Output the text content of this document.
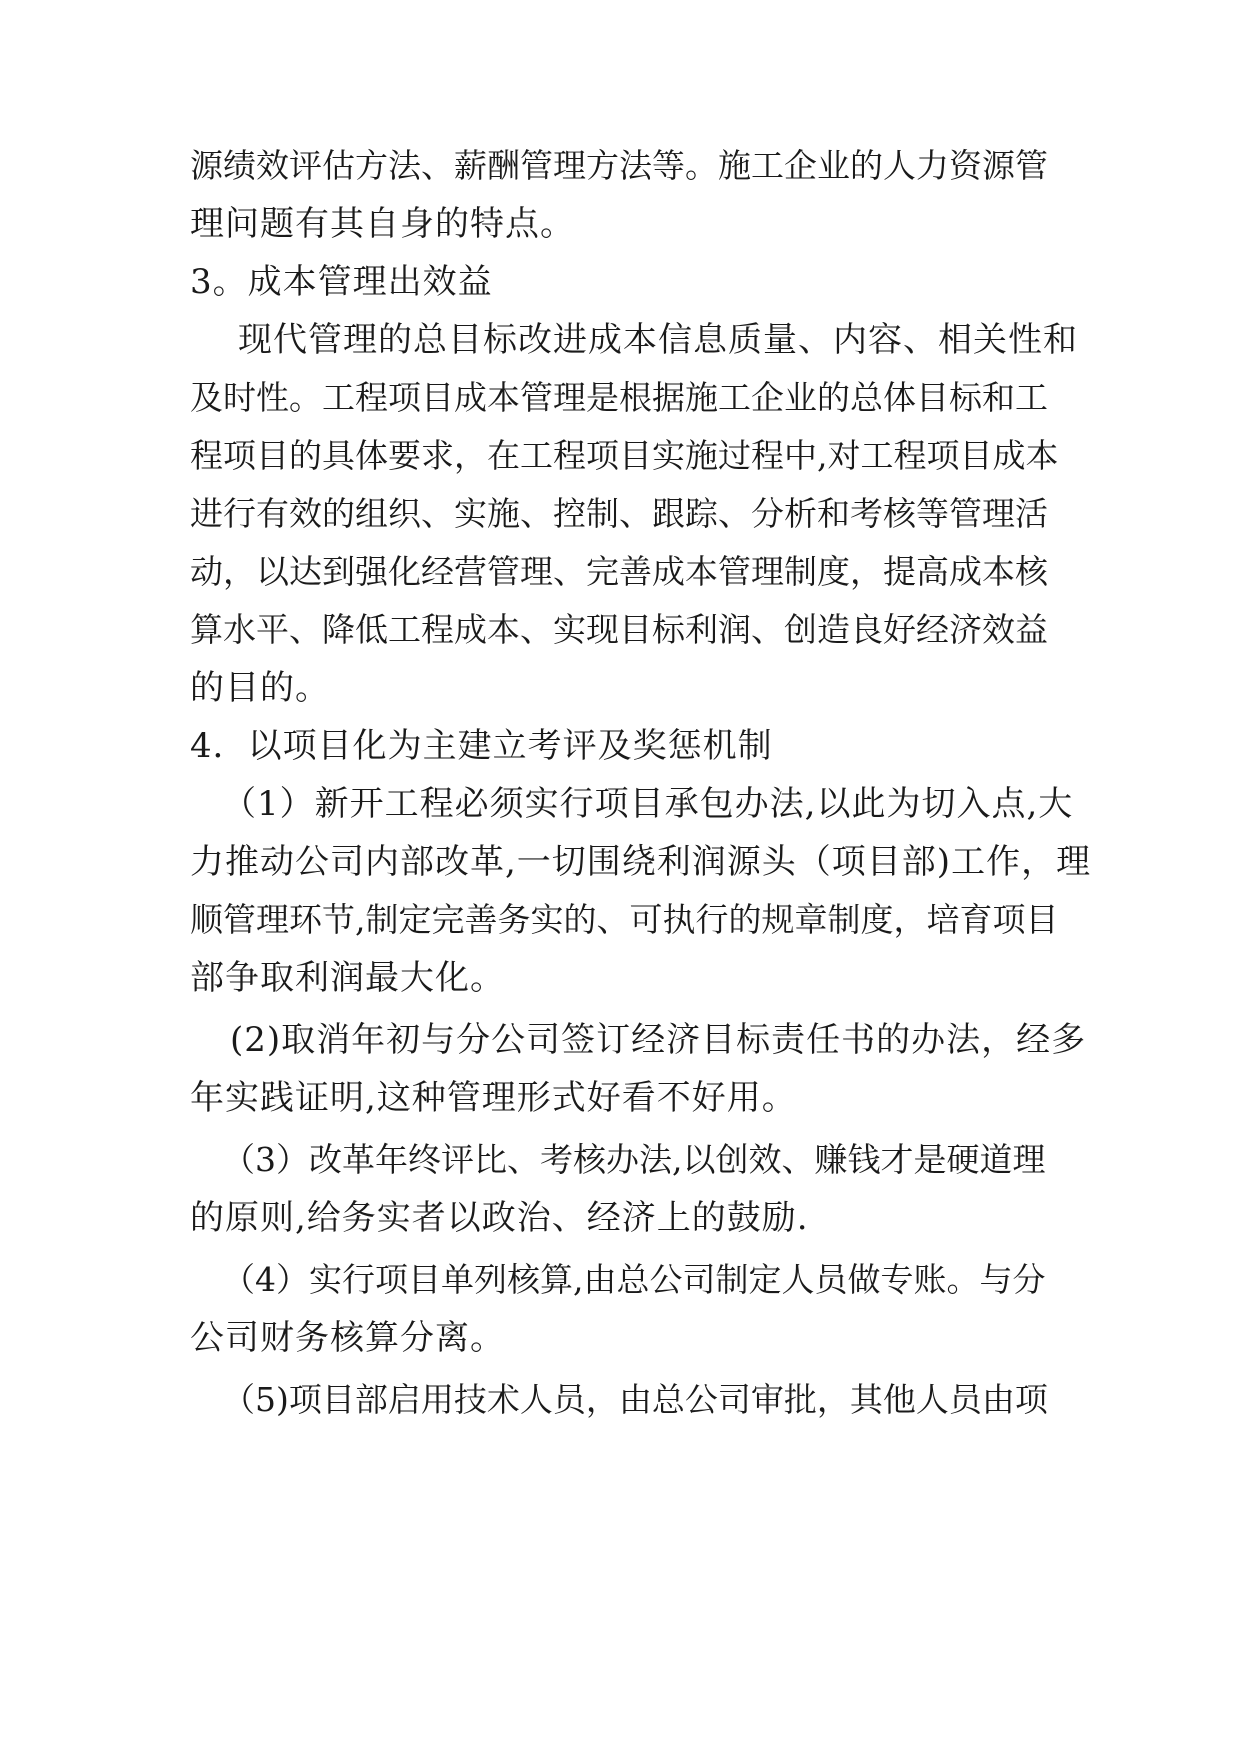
源绩效评估方法、薪酬管理方法等。施工企业的人力资源管
理问题有其自身的特点。
3。成本管理出效益
现代管理的总目标改进成本信息质量、内容、相关性和
及时性。工程项目成本管理是根据施工企业的总体目标和工
程项目的具体要求，在工程项目实施过程中,对工程项目成本
进行有效的组织、实施、控制、跟踪、分析和考核等管理活
动，以达到强化经营管理、完善成本管理制度，提高成本核
算水平、降低工程成本、实现目标利润、创造良好经济效益
的目的。
4．以项目化为主建立考评及奖惩机制
（1）新开工程必须实行项目承包办法,以此为切入点,大
力推动公司内部改革,一切围绕利润源头（项目部)工作，理
顺管理环节,制定完善务实的、可执行的规章制度，培育项目
部争取利润最大化。
(2)取消年初与分公司签订经济目标责任书的办法，经多
年实践证明,这种管理形式好看不好用。
（3）改革年终评比、考核办法,以创效、赚钱才是硬道理
的原则,给务实者以政治、经济上的鼓励.
（4）实行项目单列核算,由总公司制定人员做专账。与分
公司财务核算分离。
（5)项目部启用技术人员，由总公司审批，其他人员由项
